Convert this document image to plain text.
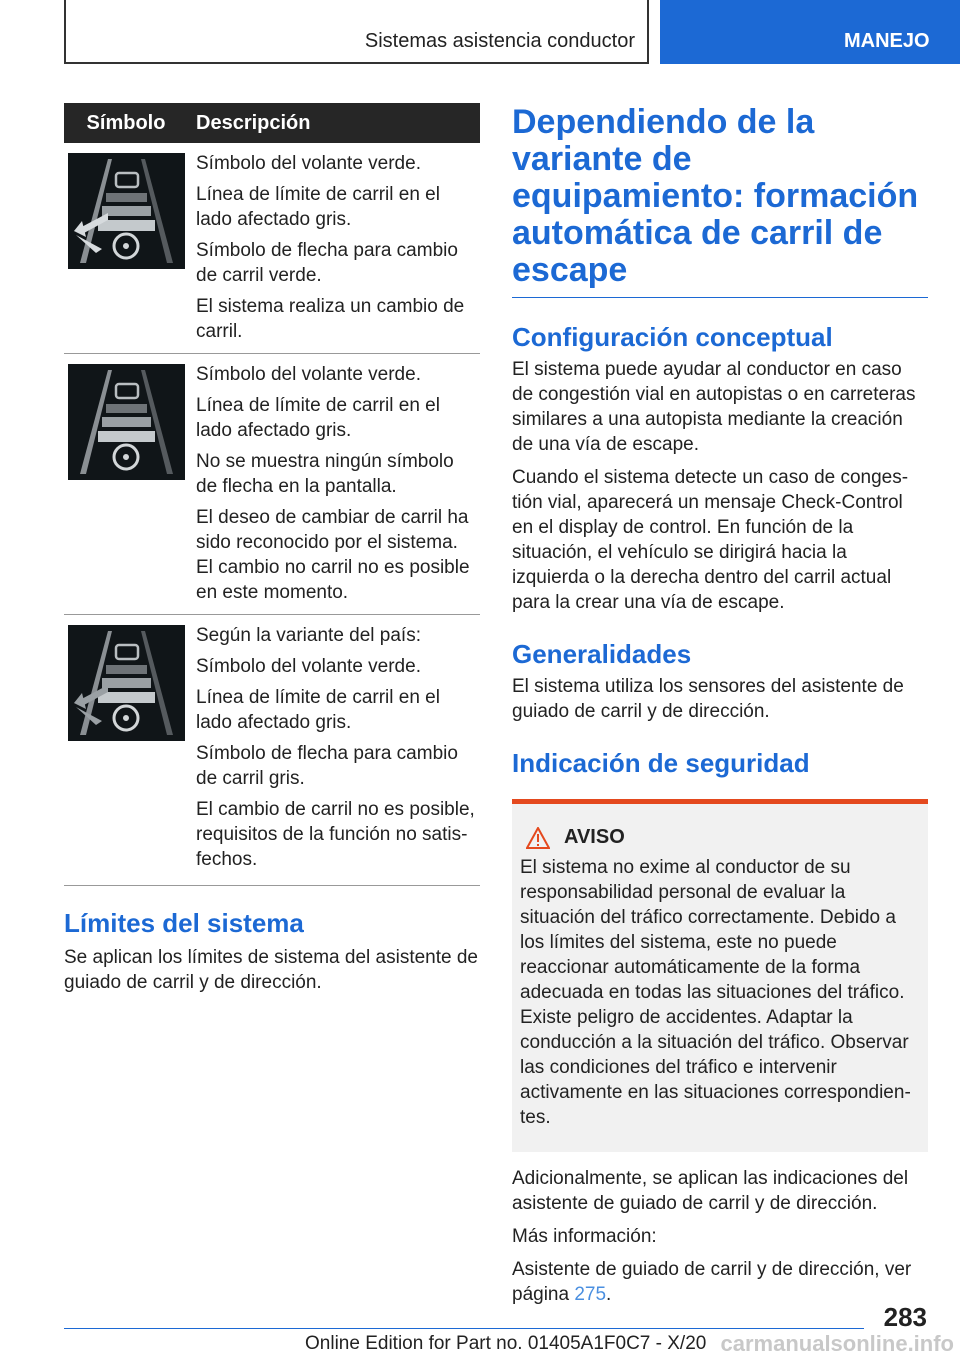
Sistemas asistencia conductor	MANEJO
Símbolo	Descripción

Símbolo del volante verde.

Línea de límite de carril en el lado afectado gris.

Símbolo de flecha para cambio de carril verde.

El sistema realiza un cambio de carril.

Símbolo del volante verde.

Línea de límite de carril en el lado afectado gris.

No se muestra ningún símbolo de flecha en la pantalla.

El deseo de cambiar de carril ha sido reconocido por el sistema. El cambio no carril no es posible en este momento.

Según la variante del país:

Símbolo del volante verde.

Línea de límite de carril en el lado afectado gris.

Símbolo de flecha para cambio de carril gris.

El cambio de carril no es posible, requisitos de la función no satisfechos.

Límites del sistema

Se aplican los límites de sistema del asistente de guiado de carril y de dirección.

Dependiendo de la variante de equipamiento: formación automática de carril de escape
Configuración conceptual

El sistema puede ayudar al conductor en caso de congestión vial en autopistas o en carreteras similares a una autopista mediante la creación de una vía de escape.

Cuando el sistema detecte un caso de congestión vial, aparecerá un mensaje Check-Control en el display de control. En función de la situación, el vehículo se dirigirá hacia la izquierda o la derecha dentro del carril actual para la crear una vía de escape.

Generalidades

El sistema utiliza los sensores del asistente de guiado de carril y de dirección.

Indicación de seguridad
AVISO

El sistema no exime al conductor de su responsabilidad personal de evaluar la situación del tráfico correctamente. Debido a los límites del sistema, este no puede reaccionar automáticamente de la forma adecuada en todas las situaciones del tráfico. Existe peligro de accidentes. Adaptar la conducción a la situación del tráfico. Observar las condiciones del tráfico e intervenir activamente en las situaciones correspondientes.

Adicionalmente, se aplican las indicaciones del asistente de guiado de carril y de dirección.

Más información:

Asistente de guiado de carril y de dirección, ver página 275.

283
Online Edition for Part no. 01405A1F0C7 - X/20 carmanualsonline.info
